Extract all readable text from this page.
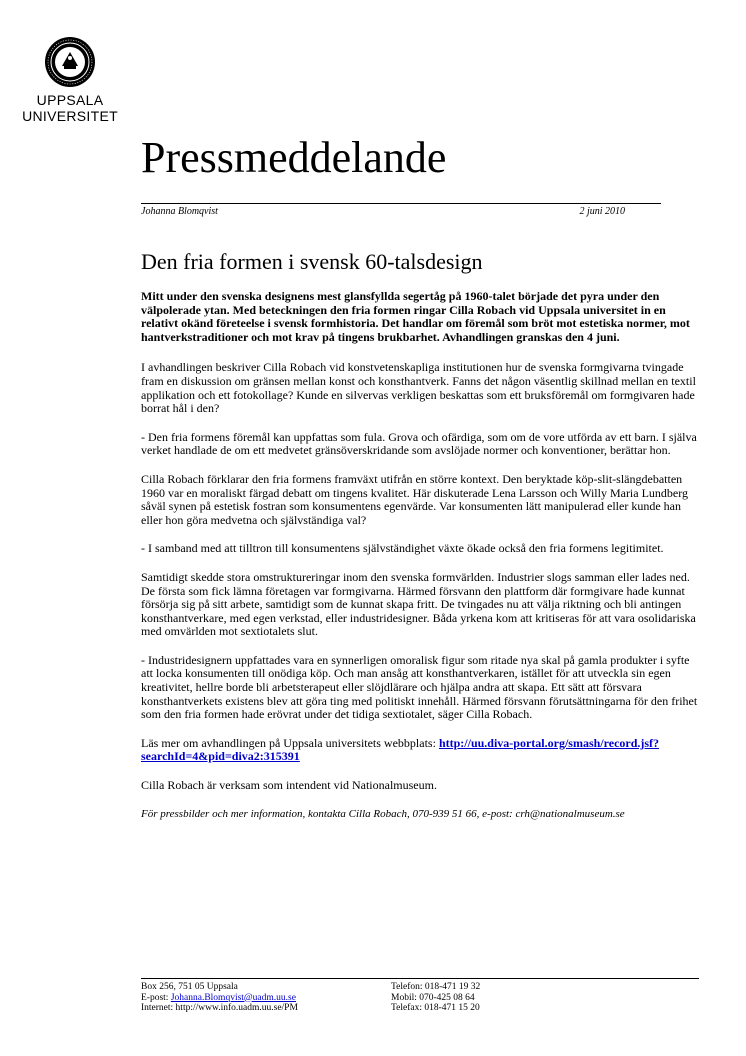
UPPSALA
UNIVERSITET
Pressmeddelande
Johanna Blomqvist	2 juni 2010
Den fria formen i svensk 60-talsdesign

Mitt under den svenska designens mest glansfyllda segertåg på 1960-talet började det pyra under den välpolerade ytan. Med beteckningen den fria formen ringar Cilla Robach vid Uppsala universitet in en relativt okänd företeelse i svensk formhistoria. Det handlar om föremål som bröt mot estetiska normer, mot hantverkstraditioner och mot krav på tingens brukbarhet. Avhandlingen granskas den 4 juni.

I avhandlingen beskriver Cilla Robach vid konstvetenskapliga institutionen hur de svenska formgivarna tvingade fram en diskussion om gränsen mellan konst och konsthantverk. Fanns det någon väsentlig skillnad mellan en textil applikation och ett fotokollage? Kunde en silvervas verkligen beskattas som ett bruksföremål om formgivaren hade borrat hål i den?

- Den fria formens föremål kan uppfattas som fula. Grova och ofärdiga, som om de vore utförda av ett barn. I själva verket handlade de om ett medvetet gränsöverskridande som avslöjade normer och konventioner, berättar hon.

Cilla Robach förklarar den fria formens framväxt utifrån en större kontext. Den beryktade köp-slit-slängdebatten 1960 var en moraliskt färgad debatt om tingens kvalitet. Här diskuterade Lena Larsson och Willy Maria Lundberg såväl synen på estetisk fostran som konsumentens egenvärde. Var konsumenten lätt manipulerad eller kunde han eller hon göra medvetna och självständiga val?

- I samband med att tilltron till konsumentens självständighet växte ökade också den fria formens legitimitet.

Samtidigt skedde stora omstruktureringar inom den svenska formvärlden. Industrier slogs samman eller lades ned. De första som fick lämna företagen var formgivarna. Härmed försvann den plattform där formgivare hade kunnat försörja sig på sitt arbete, samtidigt som de kunnat skapa fritt. De tvingades nu att välja riktning och bli antingen konsthantverkare, med egen verkstad, eller industridesigner. Båda yrkena kom att kritiseras för att vara osolidariska med omvärlden mot sextiotalets slut.

- Industridesignern uppfattades vara en synnerligen omoralisk figur som ritade nya skal på gamla produkter i syfte att locka konsumenten till onödiga köp. Och man ansåg att konsthantverkaren, istället för att utveckla sin egen kreativitet, hellre borde bli arbetsterapeut eller slöjdlärare och hjälpa andra att skapa. Ett sätt att försvara konsthantverkets existens blev att göra ting med politiskt innehåll. Härmed försvann förutsättningarna för den frihet som den fria formen hade erövrat under det tidiga sextiotalet, säger Cilla Robach.

Läs mer om avhandlingen på Uppsala universitets webbplats: http://uu.diva-portal.org/smash/record.jsf?searchId=4&pid=diva2:315391

Cilla Robach är verksam som intendent vid Nationalmuseum.

För pressbilder och mer information, kontakta Cilla Robach, 070-939 51 66, e-post: crh@nationalmuseum.se

Box 256, 751 05 Uppsala
E-post: Johanna.Blomqvist@uadm.uu.se
Internet: http://www.info.uadm.uu.se/PM
Telefon: 018-471 19 32
Mobil: 070-425 08 64
Telefax: 018-471 15 20
